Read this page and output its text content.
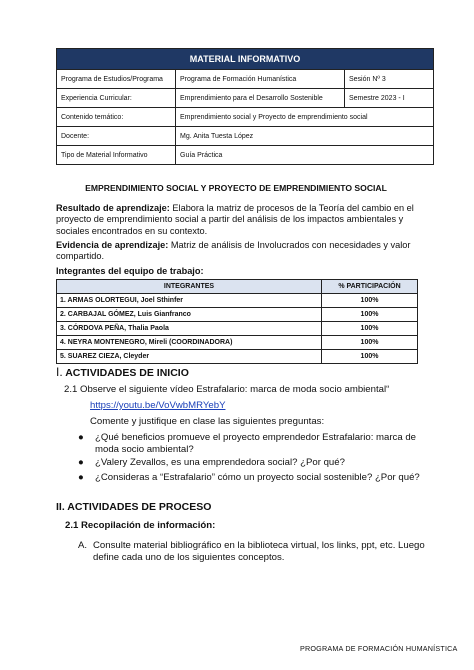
MATERIAL INFORMATIVO		
Programa de Estudios/Programa	Programa de Formación Humanística	Sesión Nº 3
Experiencia Curricular:	Emprendimiento para el Desarrollo Sostenible	Semestre 2023 - I
Contenido temático:	Emprendimiento social y Proyecto de emprendimiento social	
Docente:	Mg. Anita Tuesta López	
Tipo de Material Informativo	Guía Práctica	
EMPRENDIMIENTO SOCIAL Y PROYECTO DE EMPRENDIMIENTO SOCIAL
Resultado de aprendizaje: Elabora la matriz de procesos de la Teoría del cambio en el proyecto de emprendimiento social a partir del análisis de los impactos ambientales y sociales encontrados en su contexto.
Evidencia de aprendizaje: Matriz de análisis de Involucrados con necesidades y valor compartido.
Integrantes del equipo de trabajo:
INTEGRANTES	% PARTICIPACIÓN
1. ARMAS OLORTEGUI, Joel Sthinfer	100%
2. CARBAJAL GÓMEZ, Luis Gianfranco	100%
3. CÓRDOVA PEÑA, Thalia Paola	100%
4. NEYRA MONTENEGRO, Mireli (COORDINADORA)	100%
5. SUAREZ CIEZA, Cleyder	100%
I. ACTIVIDADES DE INICIO
2.1 Observe el siguiente vídeo Estrafalario: marca de moda socio ambiental“
https://youtu.be/VoVwbMRYebY
Comente y justifique en clase las siguientes preguntas:
● ¿Qué beneficios promueve el proyecto emprendedor Estrafalario: marca de moda socio ambiental?
● ¿Valery Zevallos, es una emprendedora social? ¿Por qué?
● ¿Consideras a “Estrafalario” cómo un proyecto social sostenible? ¿Por qué?
II. ACTIVIDADES DE PROCESO
2.1 Recopilación de información:
A. Consulte material bibliográfico en la biblioteca virtual, los links, ppt, etc. Luego define cada uno de los siguientes conceptos.
PROGRAMA DE FORMACIÓN HUMANÍSTICA
